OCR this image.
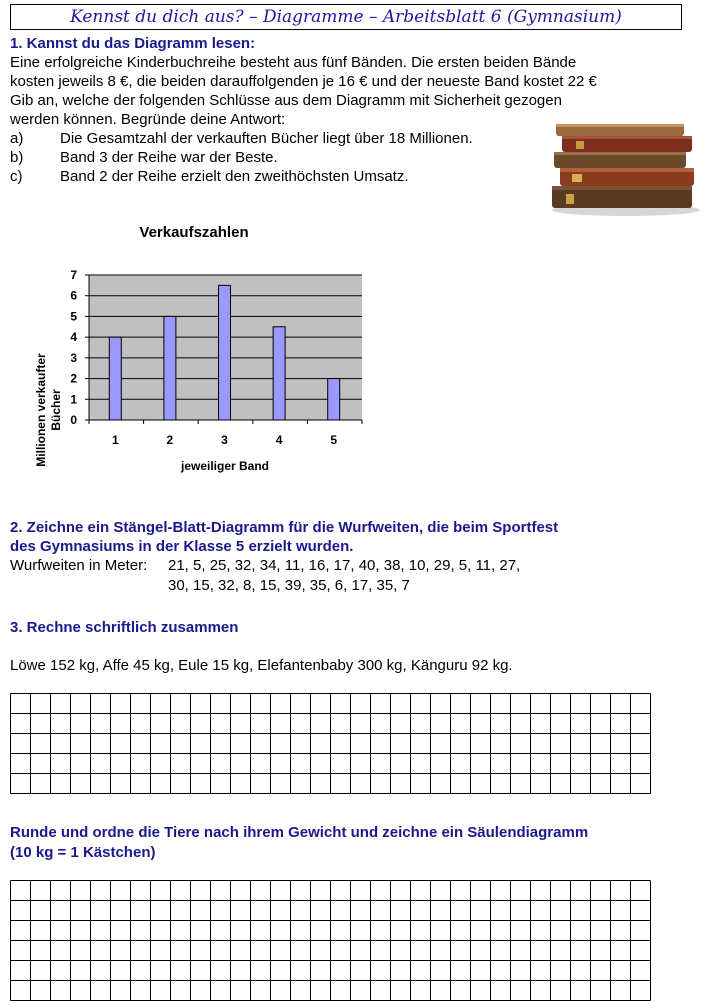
Kennst du dich aus? – Diagramme – Arbeitsblatt 6 (Gymnasium)
1. Kannst du das Diagramm lesen:
Eine erfolgreiche Kinderbuchreihe besteht aus fünf Bänden. Die ersten beiden Bände
kosten jeweils 8 €, die beiden darauffolgenden je 16 € und der neueste Band kostet 22 €
Gib an, welche der folgenden Schlüsse aus dem Diagramm mit Sicherheit gezogen
werden können. Begründe deine Antwort:
a) Die Gesamtzahl der verkauften Bücher liegt über 18 Millionen.
b) Band 3 der Reihe war der Beste.
c)	Band 2 der Reihe erzielt den zweithöchsten Umsatz.
Verkaufszahlen
Millionen verkaufter Bücher 0
1
2
3
4
5
6
7
1	2	3	4	5
jeweiliger Band
2. Zeichne ein Stängel-Blatt-Diagramm für die Wurfweiten, die beim Sportfest
des Gymnasiums in der Klasse 5 erzielt wurden.
Wurfweiten in Meter: 21, 5, 25, 32, 34, 11, 16, 17, 40, 38, 10, 29, 5, 11, 27,
30, 15, 32, 8, 15, 39, 35, 6, 17, 35, 7
3. Rechne schriftlich zusammen
Löwe 152 kg, Affe 45 kg, Eule 15 kg, Elefantenbaby 300 kg, Känguru 92 kg.
Runde und ordne die Tiere nach ihrem Gewicht und zeichne ein Säulendiagramm
(10 kg = 1 Kästchen)
